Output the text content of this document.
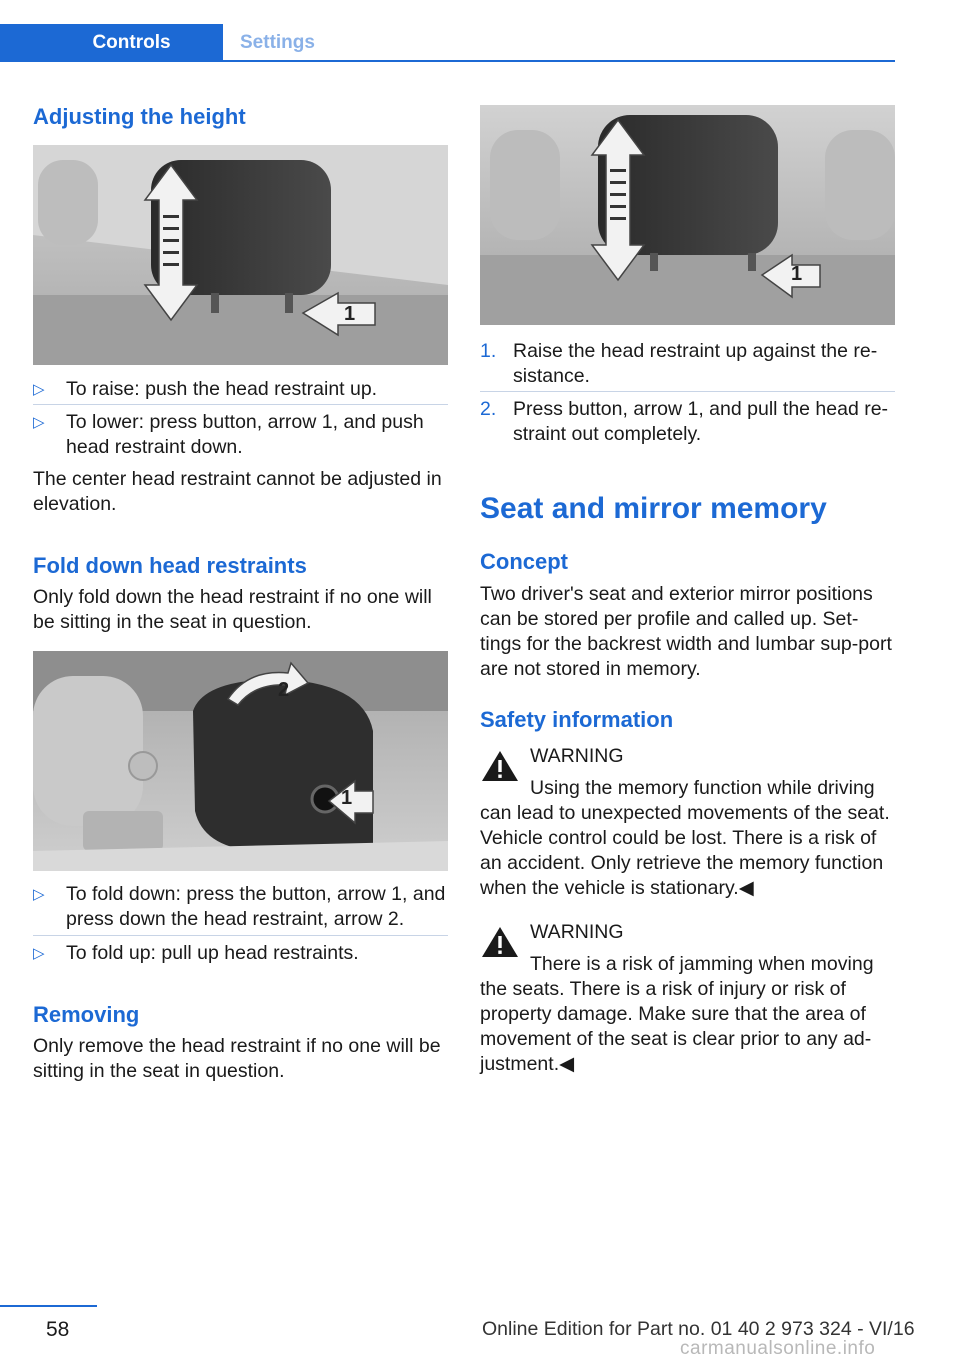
Controls	Settings
Adjusting the height
1
▷ To raise: push the head restraint up.
▷ To lower: press button, arrow 1, and push head restraint down.
The center head restraint cannot be adjusted in elevation.
Fold down head restraints
Only fold down the head restraint if no one will be sitting in the seat in question.
1
2
▷ To fold down: press the button, arrow 1, and press down the head restraint, arrow 2.
▷ To fold up: pull up head restraints.
Removing
Only remove the head restraint if no one will be sitting in the seat in question.
1
1. Raise the head restraint up against the re‐sistance.
2. Press button, arrow 1, and pull the head re‐straint out completely.
Seat and mirror memory
Concept
Two driver's seat and exterior mirror positions can be stored per profile and called up. Set‐tings for the backrest width and lumbar sup‐port are not stored in memory.
Safety information
WARNING
Using the memory function while driving can lead to unexpected movements of the seat. Vehicle control could be lost. There is a risk of an accident. Only retrieve the memory function when the vehicle is stationary.◀
WARNING
There is a risk of jamming when moving the seats. There is a risk of injury or risk of property damage. Make sure that the area of movement of the seat is clear prior to any ad‐justment.◀
58	Online Edition for Part no. 01 40 2 973 324 - VI/16
carmanualsonline.info
